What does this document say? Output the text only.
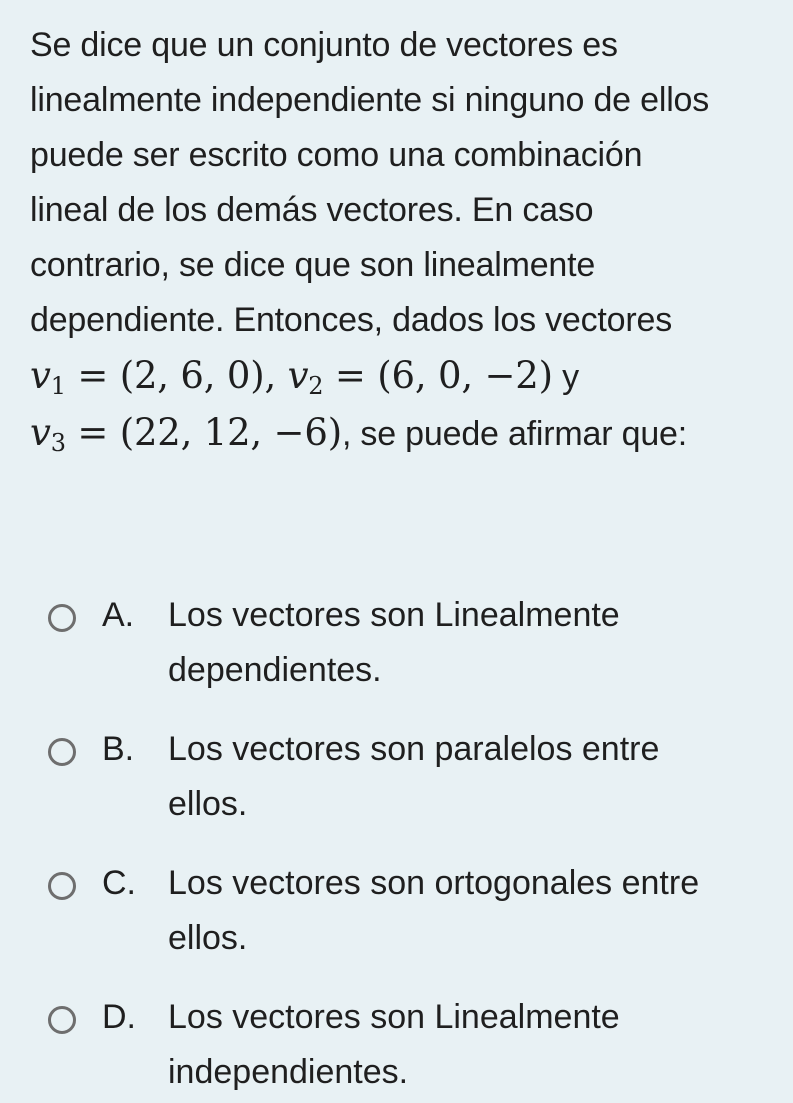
Se dice que un conjunto de vectores es

linealmente independiente si ninguno de ellos

puede ser escrito como una combinación

lineal de los demás vectores. En caso

contrario, se dice que son linealmente

dependiente. Entonces, dados los vectores

$v_1 = (2$, 6, 0), $v_2 = (6$, 0, −2) y

$v_3 = (22$, 12, −6), se puede afirmar que:

A. Los vectores son Linealmente
dependientes.
B. Los vectores son paralelos entre
ellos.
C. Los vectores son ortogonales entre
ellos.
D. Los vectores son Linealmente
independientes.
